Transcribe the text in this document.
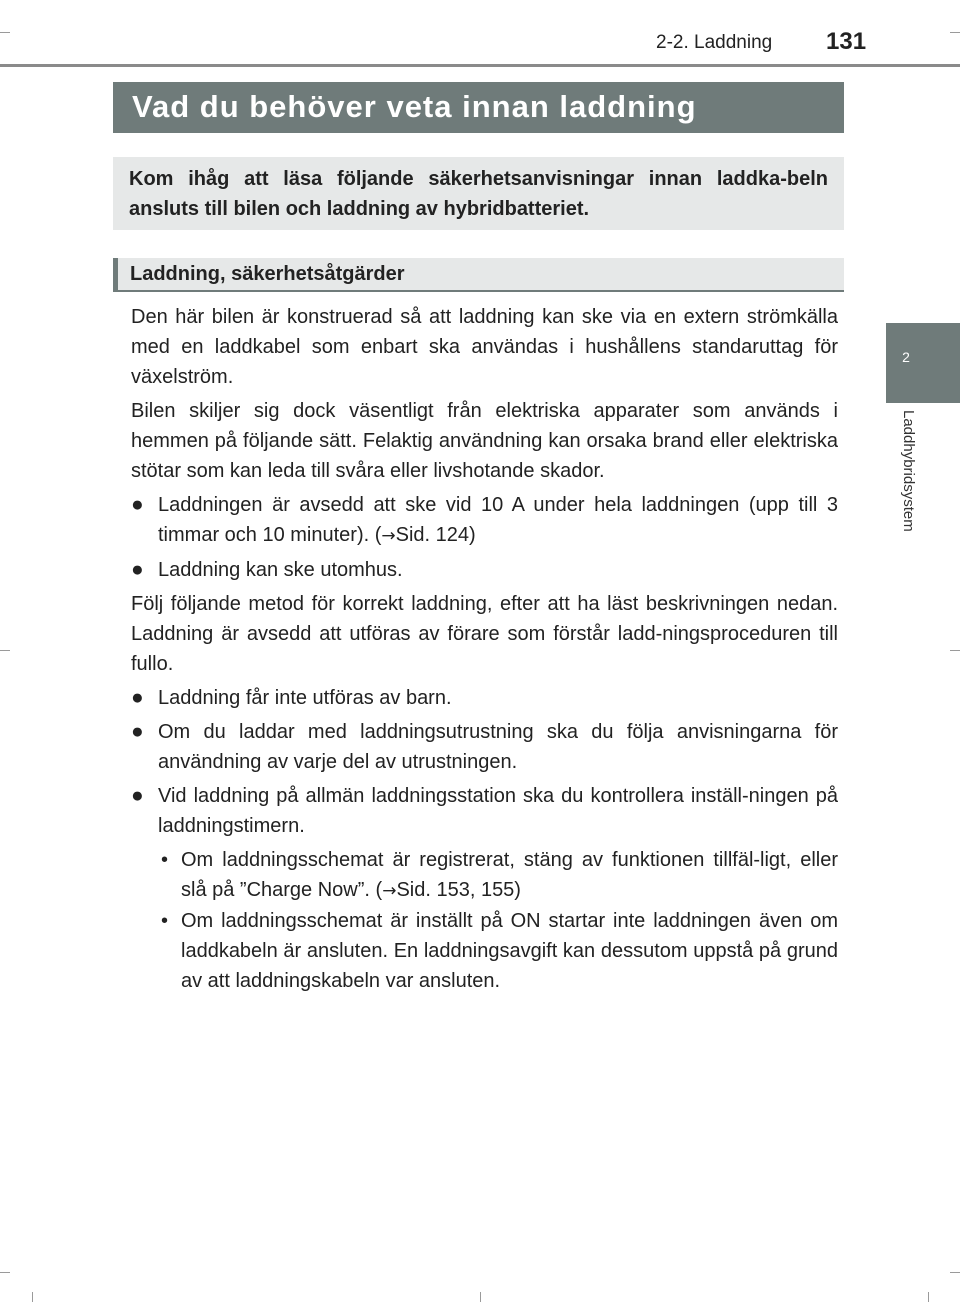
2-2. Laddning 131
2
Laddhybridsystem
Vad du behöver veta innan laddning
Kom ihåg att läsa följande säkerhetsanvisningar innan laddka-beln ansluts till bilen och laddning av hybridbatteriet.
Laddning, säkerhetsåtgärder

Den här bilen är konstruerad så att laddning kan ske via en extern strömkälla med en laddkabel som enbart ska användas i hushållens standaruttag för växelström.

Bilen skiljer sig dock väsentligt från elektriska apparater som används i hemmen på följande sätt. Felaktig användning kan orsaka brand eller elektriska stötar som kan leda till svåra eller livshotande skador.

● Laddningen är avsedd att ske vid 10 A under hela laddningen (upp till 3 timmar och 10 minuter). (→Sid. 124)
● Laddning kan ske utomhus.

Följ följande metod för korrekt laddning, efter att ha läst beskrivningen nedan. Laddning är avsedd att utföras av förare som förstår ladd-ningsproceduren till fullo.

● Laddning får inte utföras av barn.
● Om du laddar med laddningsutrustning ska du följa anvisningarna för användning av varje del av utrustningen.
● Vid laddning på allmän laddningsstation ska du kontrollera inställ-ningen på laddningstimern.
• Om laddningsschemat är registrerat, stäng av funktionen tillfäl-ligt, eller slå på ”Charge Now”. (→Sid. 153, 155)
• Om laddningsschemat är inställt på ON startar inte laddningen även om laddkabeln är ansluten. En laddningsavgift kan dessutom uppstå på grund av att laddningskabeln var ansluten.
